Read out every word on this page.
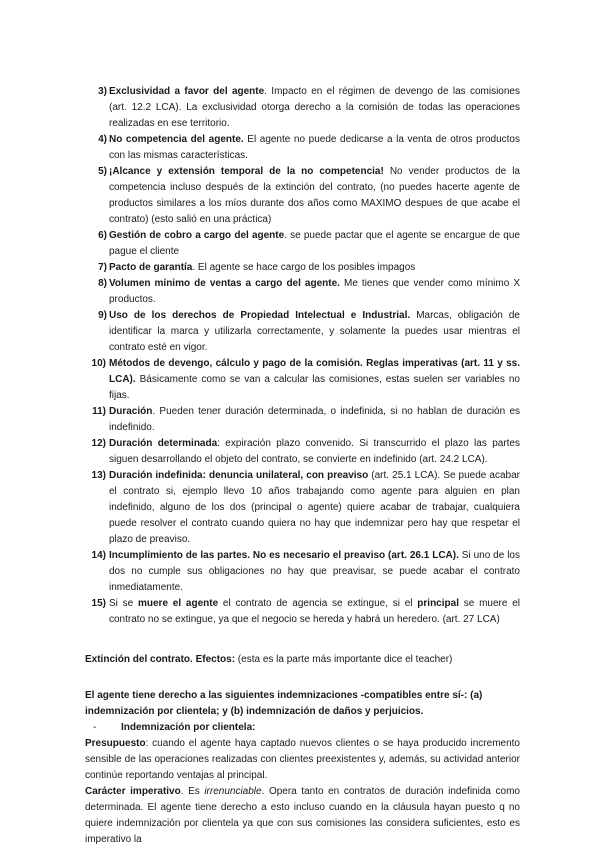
3) Exclusividad a favor del agente. Impacto en el régimen de devengo de las comisiones (art. 12.2 LCA). La exclusividad otorga derecho a la comisión de todas las operaciones realizadas en ese territorio.
4) No competencia del agente. El agente no puede dedicarse a la venta de otros productos con las mismas características.
5) ¡Alcance y extensión temporal de la no competencia! No vender productos de la competencia incluso después de la extinción del contrato, (no puedes hacerte agente de productos similares a los míos durante dos años como MAXIMO despues de que acabe el contrato) (esto salió en una práctica)
6) Gestión de cobro a cargo del agente. se puede pactar que el agente se encargue de que pague el cliente
7) Pacto de garantía. El agente se hace cargo de los posibles impagos
8) Volumen mínimo de ventas a cargo del agente. Me tienes que vender como mínimo X productos.
9) Uso de los derechos de Propiedad Intelectual e Industrial. Marcas, obligación de identificar la marca y utilizarla correctamente, y solamente la puedes usar mientras el contrato esté en vigor.
10) Métodos de devengo, cálculo y pago de la comisión. Reglas imperativas (art. 11 y ss. LCA). Básicamente como se van a calcular las comisiones, estas suelen ser variables no fijas.
11) Duración. Pueden tener duración determinada, o indefinida, si no hablan de duración es indefinido.
12) Duración determinada: expiración plazo convenido. Si transcurrido el plazo las partes siguen desarrollando el objeto del contrato, se convierte en indefinido (art. 24.2 LCA).
13) Duración indefinida: denuncia unilateral, con preaviso (art. 25.1 LCA). Se puede acabar el contrato si, ejemplo llevo 10 años trabajando como agente para alguien en plan indefinido, alguno de los dos (principal o agente) quiere acabar de trabajar, cualquiera puede resolver el contrato cuando quiera no hay que indemnizar pero hay que respetar el plazo de preaviso.
14) Incumplimiento de las partes. No es necesario el preaviso (art. 26.1 LCA). Si uno de los dos no cumple sus obligaciones no hay que preavisar, se puede acabar el contrato inmediatamente.
15) Si se muere el agente el contrato de agencia se extingue, si el principal se muere el contrato no se extingue, ya que el negocio se hereda y habrá un heredero. (art. 27 LCA)
Extinción del contrato. Efectos: (esta es la parte más importante dice el teacher)
El agente tiene derecho a las siguientes indemnizaciones -compatibles entre sí-: (a) indemnización por clientela; y (b) indemnización de daños y perjuicios.
- Indemnización por clientela:
Presupuesto: cuando el agente haya captado nuevos clientes o se haya producido incremento sensible de las operaciones realizadas con clientes preexistentes y, además, su actividad anterior continúe reportando ventajas al principal.
Carácter imperativo. Es irrenunciable. Opera tanto en contratos de duración indefinida como determinada. El agente tiene derecho a esto incluso cuando en la cláusula hayan puesto q no quiere indemnización por clientela ya que con sus comisiones las considera suficientes, esto es imperativo la
